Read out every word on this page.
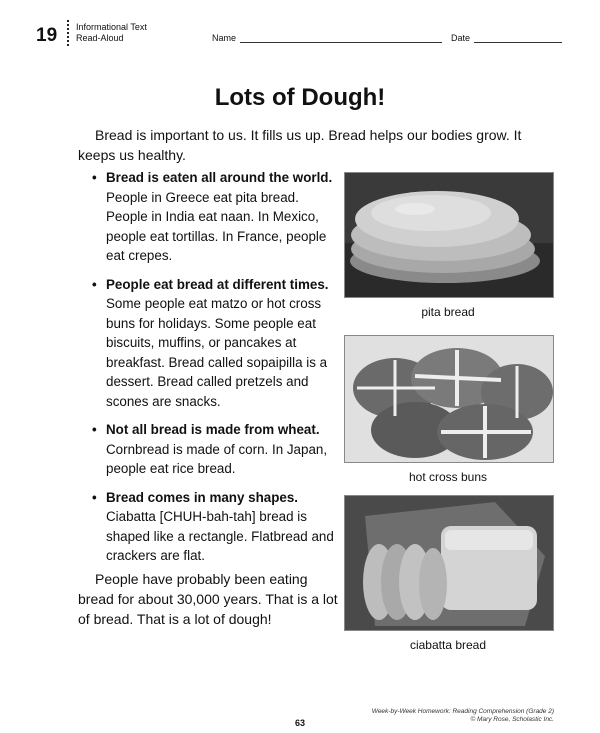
19 Informational Text
Read-Aloud	Name	Date
Lots of Dough!
Bread is important to us. It fills us up. Bread helps our bodies grow. It keeps us healthy.
• Bread is eaten all around the world. People in Greece eat pita bread. People in India eat naan. In Mexico, people eat tortillas. In France, people eat crepes.
• People eat bread at different times. Some people eat matzo or hot cross buns for holidays. Some people eat biscuits, muffins, or pancakes at breakfast. Bread called sopaipilla is a dessert. Bread called pretzels and scones are snacks.
• Not all bread is made from wheat. Cornbread is made of corn. In Japan, people eat rice bread.
• Bread comes in many shapes. Ciabatta [CHUH-bah-tah] bread is shaped like a rectangle. Flatbread and crackers are flat.
People have probably been eating bread for about 30,000 years. That is a lot of bread. That is a lot of dough!
pita bread
hot cross buns
ciabatta bread
63
Week-by-Week Homework: Reading Comprehension (Grade 2)
© Mary Rose, Scholastic Inc.
